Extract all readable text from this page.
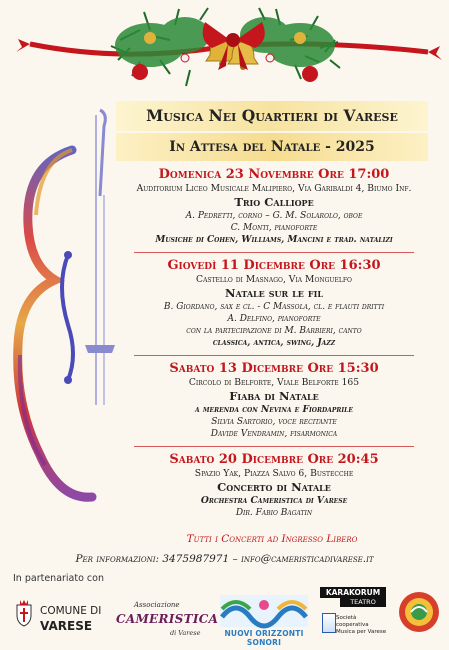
Musica Nei Quartieri di Varese
In Attesa del Natale - 2025
Domenica 23 Novembre Ore 17:00
Auditorium Liceo Musicale Malipiero, Via Garibaldi 4, Biumo Inf.
Trio Calliope
A. Pedretti, corno – G. M. Solarolo, oboe
C. Monti, pianoforte
Musiche di Cohen, Williams, Mancini e trad. natalizi
Giovedì 11 Dicembre Ore 16:30
Castello di Masnago, Via Monguelfo
Natale sur le fil
B. Giordano, sax e cl. - C Massola, cl. e flauti dritti
A. Delfino, pianoforte
con la partecipazione di M. Barbieri, canto
classica, antica, swing, Jazz
Sabato 13 Dicembre Ore 15:30
Circolo di Belforte, Viale Belforte 165
Fiaba di Natale
a merenda con Nevina e Fiordaprile
Silvia Sartorio, voce recitante
Davide Vendramin, fisarmonica
Sabato 20 Dicembre Ore 20:45
Spazio Yak, Piazza Salvo 6, Bustecche
Concerto di Natale
Orchestra Cameristica di Varese
Dir. Fabio Bagatin
Tutti i Concerti ad Ingresso Libero
Per informazioni: 3475987971 – info@cameristicadivarese.it
In partenariato con
COMUNE DI
VARESE
Associazione
CAMERISTICA
di Varese	NUOVI ORIZZONTI SONORI
KARAKORUM
TEATRO
Società cooperativa Musica per Varese
